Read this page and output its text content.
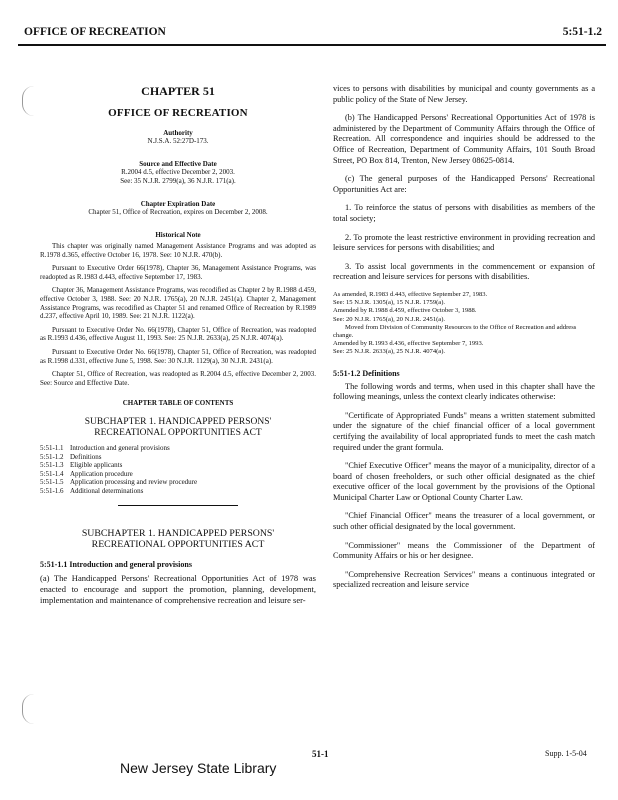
OFFICE OF RECREATION	5:51-1.2
CHAPTER 51
OFFICE OF RECREATION
Authority
N.J.S.A. 52:27D-173.
Source and Effective Date
R.2004 d.5, effective December 2, 2003.
See: 35 N.J.R. 2799(a), 36 N.J.R. 171(a).
Chapter Expiration Date
Chapter 51, Office of Recreation, expires on December 2, 2008.
Historical Note
This chapter was originally named Management Assistance Programs and was adopted as R.1978 d.365, effective October 16, 1978. See: 10 N.J.R. 470(b).
Pursuant to Executive Order 66(1978), Chapter 36, Management Assistance Programs, was readopted as R.1983 d.443, effective September 17, 1983.
Chapter 36, Management Assistance Programs, was recodified as Chapter 2 by R.1988 d.459, effective October 3, 1988. See: 20 N.J.R. 1765(a), 20 N.J.R. 2451(a). Chapter 2, Management Assistance Programs, was recodified as Chapter 51 and renamed Office of Recreation by R.1989 d.237, effective April 10, 1989. See: 21 N.J.R. 1122(a).
Pursuant to Executive Order No. 66(1978), Chapter 51, Office of Recreation, was readopted as R.1993 d.436, effective August 11, 1993. See: 25 N.J.R. 2633(a), 25 N.J.R. 4074(a).
Pursuant to Executive Order No. 66(1978), Chapter 51, Office of Recreation, was readopted as R.1998 d.331, effective June 5, 1998. See: 30 N.J.R. 1129(a), 30 N.J.R. 2431(a).
Chapter 51, Office of Recreation, was readopted as R.2004 d.5, effective December 2, 2003. See: Source and Effective Date.
CHAPTER TABLE OF CONTENTS
SUBCHAPTER 1. HANDICAPPED PERSONS'
RECREATIONAL OPPORTUNITIES ACT
5:51-1.1 Introduction and general provisions
5:51-1.2 Definitions
5:51-1.3 Eligible applicants
5:51-1.4 Application procedure
5:51-1.5 Application processing and review procedure
5:51-1.6 Additional determinations
SUBCHAPTER 1. HANDICAPPED PERSONS'
RECREATIONAL OPPORTUNITIES ACT
5:51-1.1 Introduction and general provisions
(a) The Handicapped Persons' Recreational Opportunities Act of 1978 was enacted to encourage and support the promotion, planning, development, implementation and maintenance of comprehensive recreation and leisure ser-
vices to persons with disabilities by municipal and county governments as a public policy of the State of New Jersey.
(b) The Handicapped Persons' Recreational Opportunities Act of 1978 is administered by the Department of Community Affairs through the Office of Recreation. All correspondence and inquiries should be addressed to the Office of Recreation, Department of Community Affairs, 101 South Broad Street, PO Box 814, Trenton, New Jersey 08625-0814.
(c) The general purposes of the Handicapped Persons' Recreational Opportunities Act are:
1. To reinforce the status of persons with disabilities as members of the total society;
2. To promote the least restrictive environment in providing recreation and leisure services for persons with disabilities; and
3. To assist local governments in the commencement or expansion of recreation and leisure services for persons with disabilities.
As amended, R.1983 d.443, effective September 27, 1983.
See: 15 N.J.R. 1305(a), 15 N.J.R. 1759(a).
Amended by R.1988 d.459, effective October 3, 1988.
See: 20 N.J.R. 1765(a), 20 N.J.R. 2451(a).
Moved from Division of Community Resources to the Office of Recreation and address change.
Amended by R.1993 d.436, effective September 7, 1993.
See: 25 N.J.R. 2633(a), 25 N.J.R. 4074(a).
5:51-1.2 Definitions
The following words and terms, when used in this chapter shall have the following meanings, unless the context clearly indicates otherwise:
"Certificate of Appropriated Funds" means a written statement submitted under the signature of the chief financial officer of a local government certifying the availability of local appropriated funds to meet the cash match required under the grant formula.
"Chief Executive Officer" means the mayor of a municipality, director of a board of chosen freeholders, or such other official designated as the chief executive officer of the local government by the provisions of the Optional Municipal Charter Law or Optional County Charter Law.
"Chief Financial Officer" means the treasurer of a local government, or such other official designated by the local government.
"Commissioner" means the Commissioner of the Department of Community Affairs or his or her designee.
"Comprehensive Recreation Services" means a continuous integrated or specialized recreation and leisure service
New Jersey State Library
51-1	Supp. 1-5-04
